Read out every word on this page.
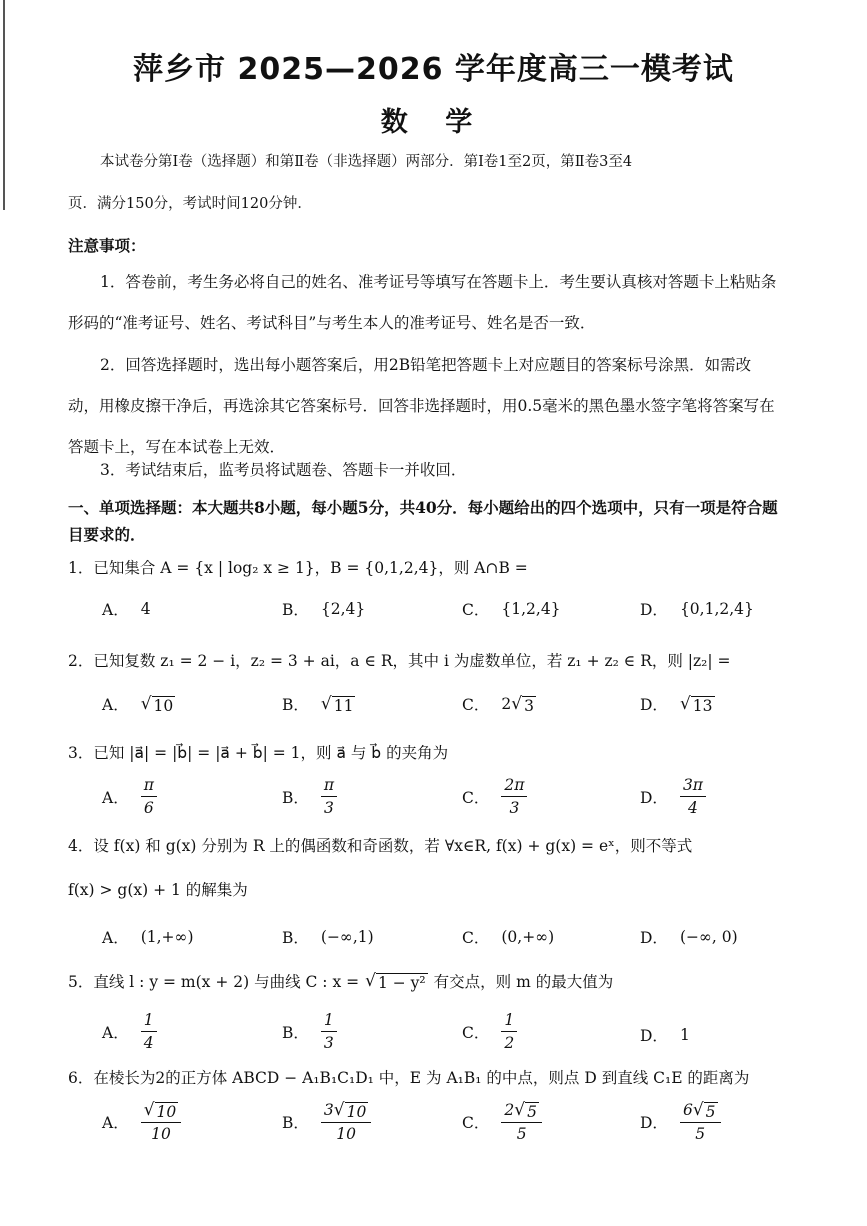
萍乡市 2025—2026 学年度高三一模考试
数 学
本试卷分第Ⅰ卷（选择题）和第Ⅱ卷（非选择题）两部分．第Ⅰ卷1至2页，第Ⅱ卷3至4
页．满分150分，考试时间120分钟．
注意事项：
1．答卷前，考生务必将自己的姓名、准考证号等填写在答题卡上．考生要认真核对答题卡上粘贴条形码的“准考证号、姓名、考试科目”与考生本人的准考证号、姓名是否一致．
2．回答选择题时，选出每小题答案后，用2B铅笔把答题卡上对应题目的答案标号涂黑．如需改动，用橡皮擦干净后，再选涂其它答案标号．回答非选择题时，用0.5毫米的黑色墨水签字笔将答案写在答题卡上，写在本试卷上无效．
3．考试结束后，监考员将试题卷、答题卡一并收回．
一、单项选择题：本大题共8小题，每小题5分，共40分．每小题给出的四个选项中，只有一项是符合题目要求的．
1．已知集合 A = {x | log₂ x ≥ 1}，B = {0,1,2,4}，则 A∩B =
A． 4	B． {2,4}	C． {1,2,4}	D． {0,1,2,4}
2．已知复数 z₁ = 2 − i，z₂ = 3 + ai，a ∈ R，其中 i 为虚数单位，若 z₁ + z₂ ∈ R，则 |z₂| =
A． √ 10	B． √ 11	C． 2 √ 3	D． √ 13
3．已知 |a⃗| = |b⃗| = |a⃗ + b⃗| = 1，则 a⃗ 与 b⃗ 的夹角为
A． $\frac{\pi}{6}$	B． $\frac{\pi}{3}$	C． $\frac{2\pi}{3}$	D． $\frac{3\pi}{4}$
4．设 f(x) 和 g(x) 分别为 R 上的偶函数和奇函数，若 ∀x∈R, f(x) + g(x) = eˣ，则不等式
f(x) > g(x) + 1 的解集为
A． (1,+∞)	B． (−∞,1)	C． (0,+∞)	D． (−∞, 0)
5．直线 l : y = m(x + 2) 与曲线 C : x = √ 1 − y² 有交点，则 m 的最大值为
A． $\frac{1}{4}$	B． $\frac{1}{3}$	C． $\frac{1}{2}$	D． 1
6．在棱长为2的正方体 ABCD − A₁B₁C₁D₁ 中，E 为 A₁B₁ 的中点，则点 D 到直线 C₁E 的距离为
A． $\frac{√ 10}{10}$	B． $\frac{3 √ 10}{10}$	C． $\frac{2 √ 5}{5}$	D． $\frac{6 √ 5}{5}$
